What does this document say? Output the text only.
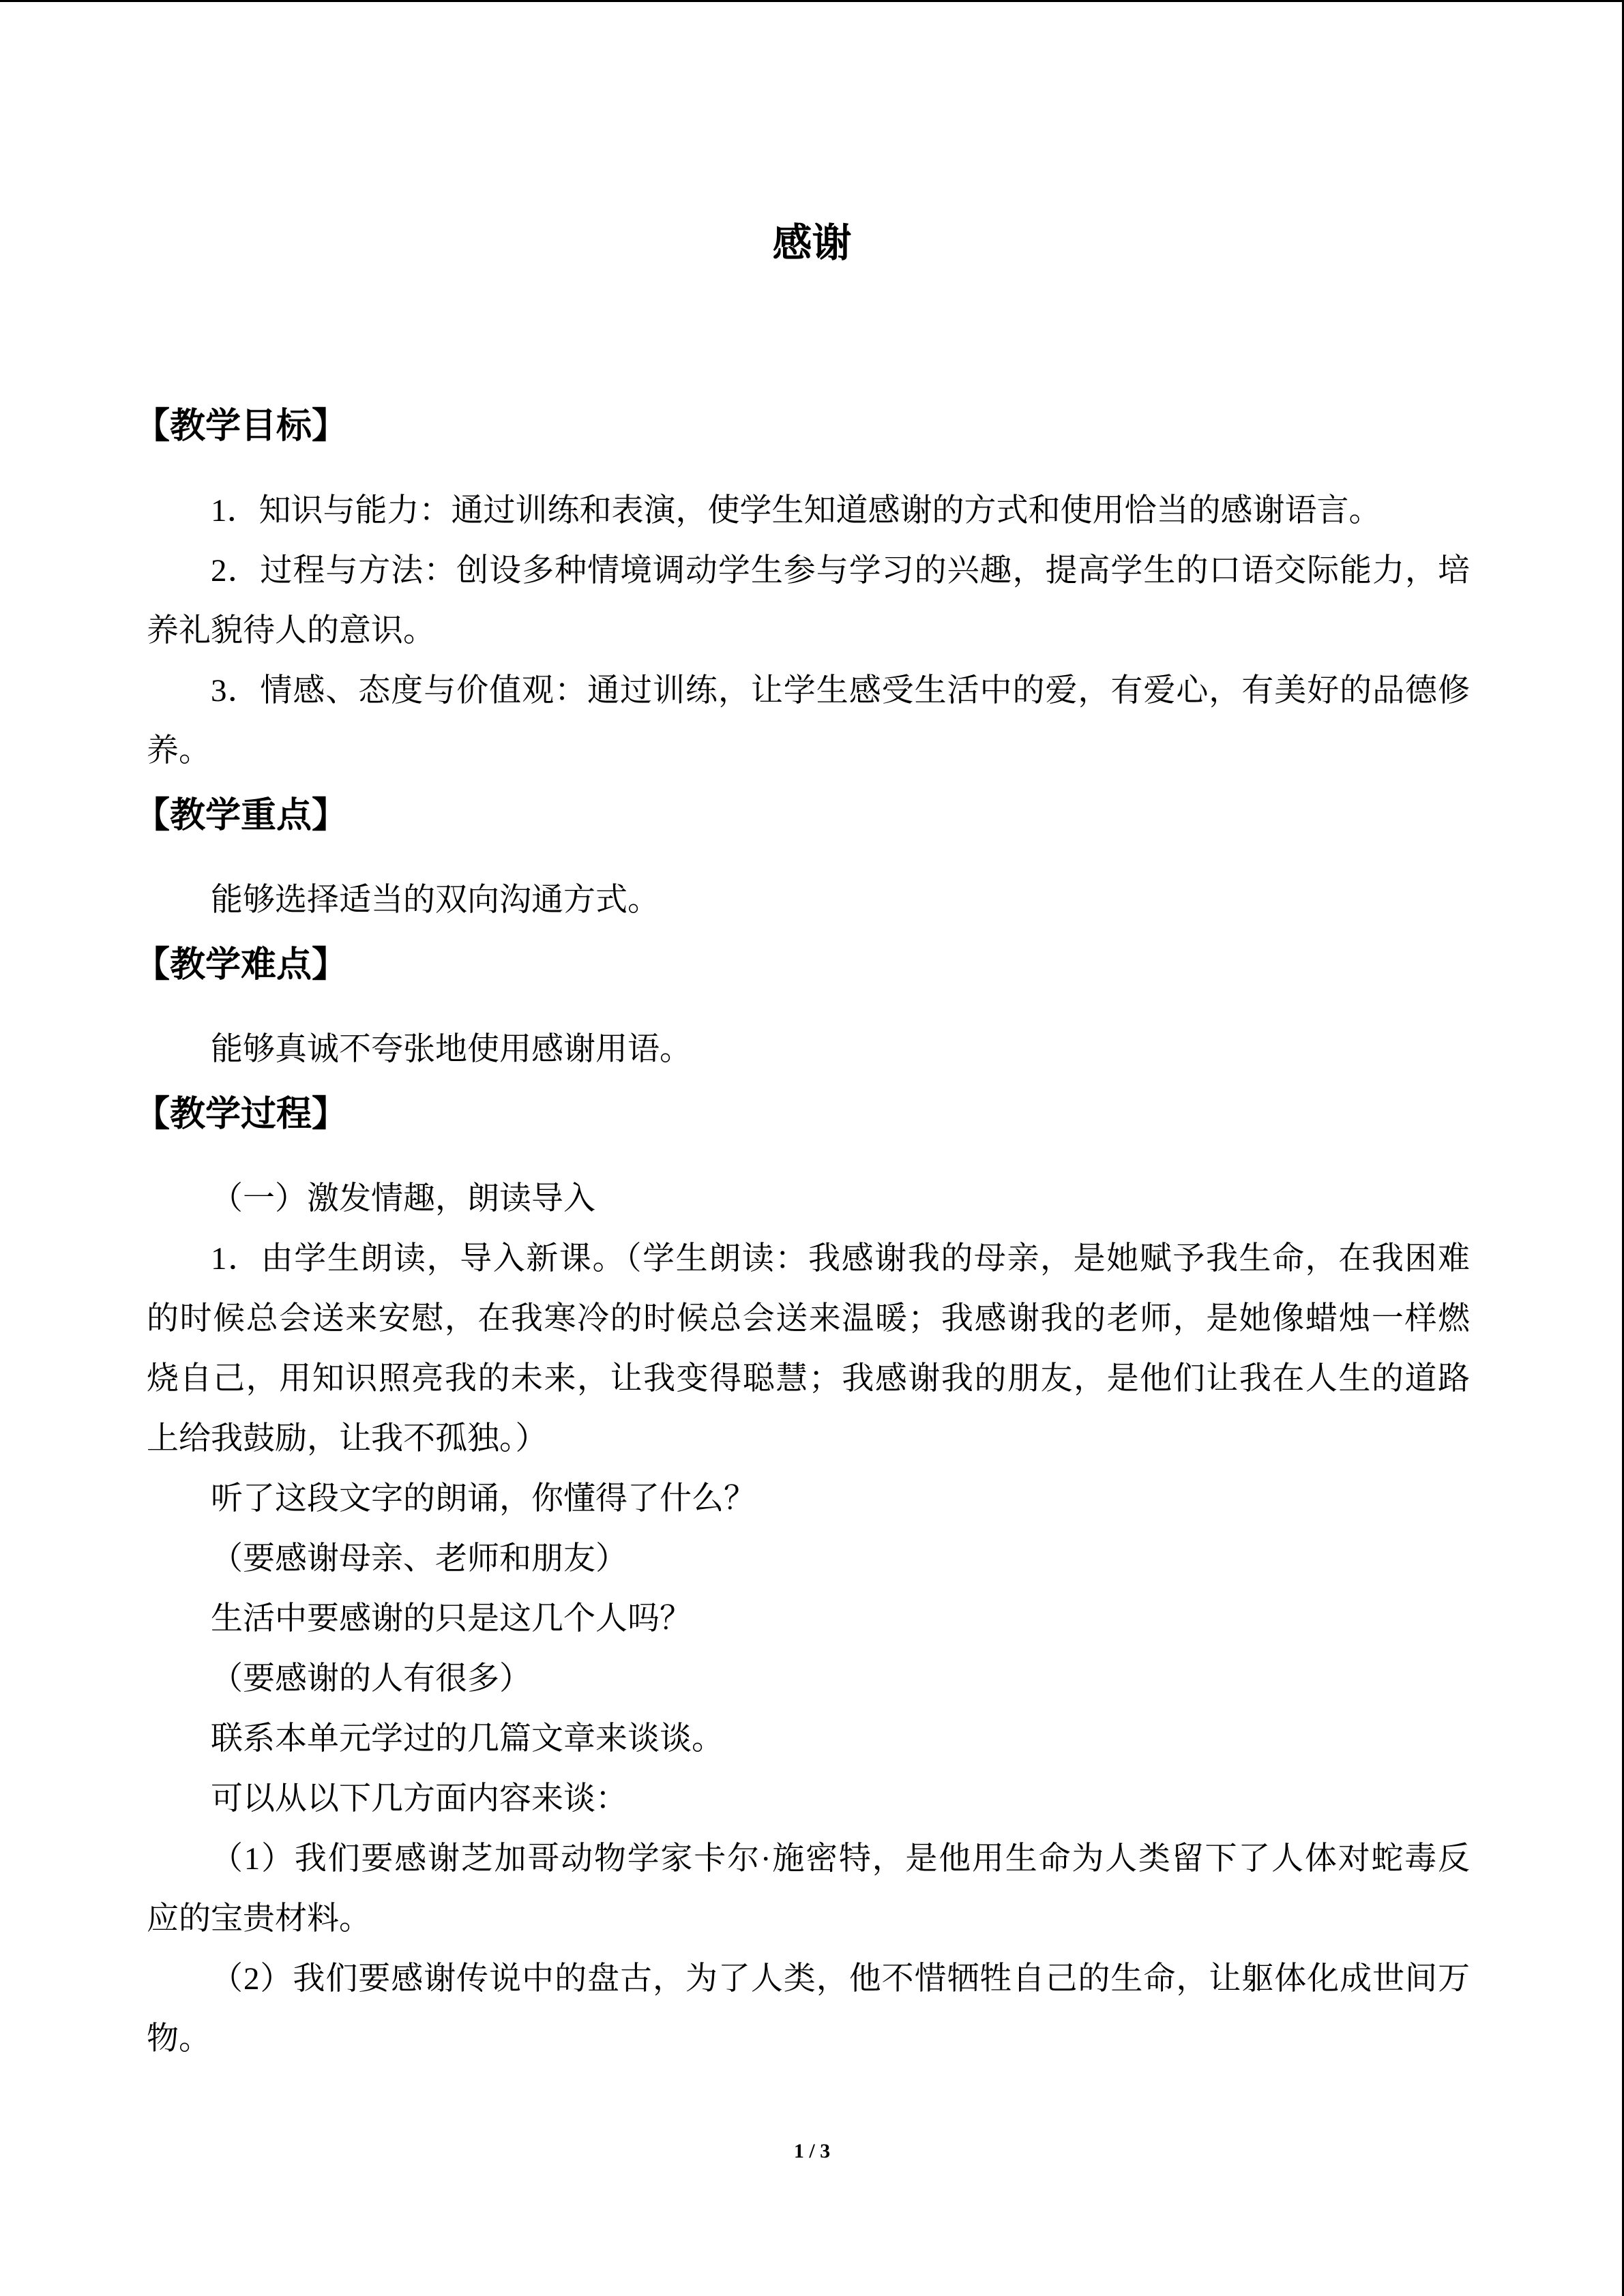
感谢
【教学目标】
1．知识与能力：通过训练和表演，使学生知道感谢的方式和使用恰当的感谢语言。
2．过程与方法：创设多种情境调动学生参与学习的兴趣，提高学生的口语交际能力，培
养礼貌待人的意识。
3．情感、态度与价值观：通过训练，让学生感受生活中的爱，有爱心，有美好的品德修
养。
【教学重点】
能够选择适当的双向沟通方式。
【教学难点】
能够真诚不夸张地使用感谢用语。
【教学过程】
（一）激发情趣，朗读导入
1．由学生朗读，导入新课。（学生朗读：我感谢我的母亲，是她赋予我生命，在我困难
的时候总会送来安慰，在我寒冷的时候总会送来温暖；我感谢我的老师，是她像蜡烛一样燃
烧自己，用知识照亮我的未来，让我变得聪慧；我感谢我的朋友，是他们让我在人生的道路
上给我鼓励，让我不孤独。）
听了这段文字的朗诵，你懂得了什么？
（要感谢母亲、老师和朋友）
生活中要感谢的只是这几个人吗？
（要感谢的人有很多）
联系本单元学过的几篇文章来谈谈。
可以从以下几方面内容来谈：
（1）我们要感谢芝加哥动物学家卡尔·施密特，是他用生命为人类留下了人体对蛇毒反
应的宝贵材料。
（2）我们要感谢传说中的盘古，为了人类，他不惜牺牲自己的生命，让躯体化成世间万
物。
1 / 3
